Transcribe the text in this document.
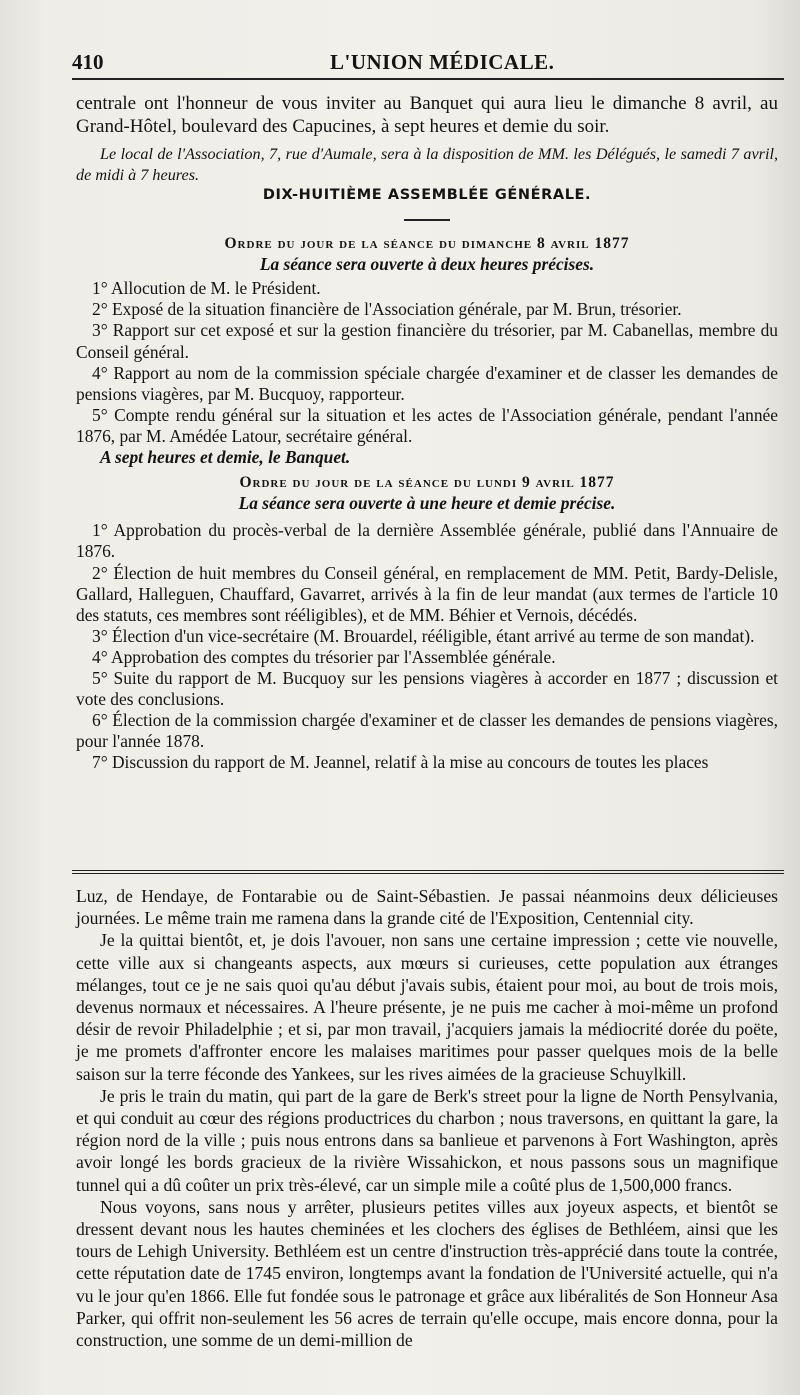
410	L'UNION MÉDICALE.

centrale ont l'honneur de vous inviter au Banquet qui aura lieu le dimanche 8 avril, au Grand-Hôtel, boulevard des Capucines, à sept heures et demie du soir.

Le local de l'Association, 7, rue d'Aumale, sera à la disposition de MM. les Délégués, le samedi 7 avril, de midi à 7 heures.

DIX-HUITIÈME ASSEMBLÉE GÉNÉRALE.

Ordre du jour de la séance du dimanche 8 avril 1877

La séance sera ouverte à deux heures précises.

1° Allocution de M. le Président.

2° Exposé de la situation financière de l'Association générale, par M. Brun, trésorier.

3° Rapport sur cet exposé et sur la gestion financière du trésorier, par M. Cabanellas, membre du Conseil général.

4° Rapport au nom de la commission spéciale chargée d'examiner et de classer les demandes de pensions viagères, par M. Bucquoy, rapporteur.

5° Compte rendu général sur la situation et les actes de l'Association générale, pendant l'année 1876, par M. Amédée Latour, secrétaire général.

A sept heures et demie, le Banquet.

Ordre du jour de la séance du lundi 9 avril 1877

La séance sera ouverte à une heure et demie précise.

1° Approbation du procès-verbal de la dernière Assemblée générale, publié dans l'Annuaire de 1876.

2° Élection de huit membres du Conseil général, en remplacement de MM. Petit, Bardy-Delisle, Gallard, Halleguen, Chauffard, Gavarret, arrivés à la fin de leur mandat (aux termes de l'article 10 des statuts, ces membres sont rééligibles), et de MM. Béhier et Vernois, décédés.

3° Élection d'un vice-secrétaire (M. Brouardel, rééligible, étant arrivé au terme de son mandat).

4° Approbation des comptes du trésorier par l'Assemblée générale.

5° Suite du rapport de M. Bucquoy sur les pensions viagères à accorder en 1877 ; discussion et vote des conclusions.

6° Élection de la commission chargée d'examiner et de classer les demandes de pensions viagères, pour l'année 1878.

7° Discussion du rapport de M. Jeannel, relatif à la mise au concours de toutes les places

Luz, de Hendaye, de Fontarabie ou de Saint-Sébastien. Je passai néanmoins deux délicieuses journées. Le même train me ramena dans la grande cité de l'Exposition, Centennial city.

Je la quittai bientôt, et, je dois l'avouer, non sans une certaine impression ; cette vie nouvelle, cette ville aux si changeants aspects, aux mœurs si curieuses, cette population aux étranges mélanges, tout ce je ne sais quoi qu'au début j'avais subis, étaient pour moi, au bout de trois mois, devenus normaux et nécessaires. A l'heure présente, je ne puis me cacher à moi-même un profond désir de revoir Philadelphie ; et si, par mon travail, j'acquiers jamais la médiocrité dorée du poëte, je me promets d'affronter encore les malaises maritimes pour passer quelques mois de la belle saison sur la terre féconde des Yankees, sur les rives aimées de la gracieuse Schuylkill.

Je pris le train du matin, qui part de la gare de Berk's street pour la ligne de North Pensylvania, et qui conduit au cœur des régions productrices du charbon ; nous traversons, en quittant la gare, la région nord de la ville ; puis nous entrons dans sa banlieue et parvenons à Fort Washington, après avoir longé les bords gracieux de la rivière Wissahickon, et nous passons sous un magnifique tunnel qui a dû coûter un prix très-élevé, car un simple mile a coûté plus de 1,500,000 francs.

Nous voyons, sans nous y arrêter, plusieurs petites villes aux joyeux aspects, et bientôt se dressent devant nous les hautes cheminées et les clochers des églises de Bethléem, ainsi que les tours de Lehigh University. Bethléem est un centre d'instruction très-apprécié dans toute la contrée, cette réputation date de 1745 environ, longtemps avant la fondation de l'Université actuelle, qui n'a vu le jour qu'en 1866. Elle fut fondée sous le patronage et grâce aux libéralités de Son Honneur Asa Parker, qui offrit non-seulement les 56 acres de terrain qu'elle occupe, mais encore donna, pour la construction, une somme de un demi-million de
